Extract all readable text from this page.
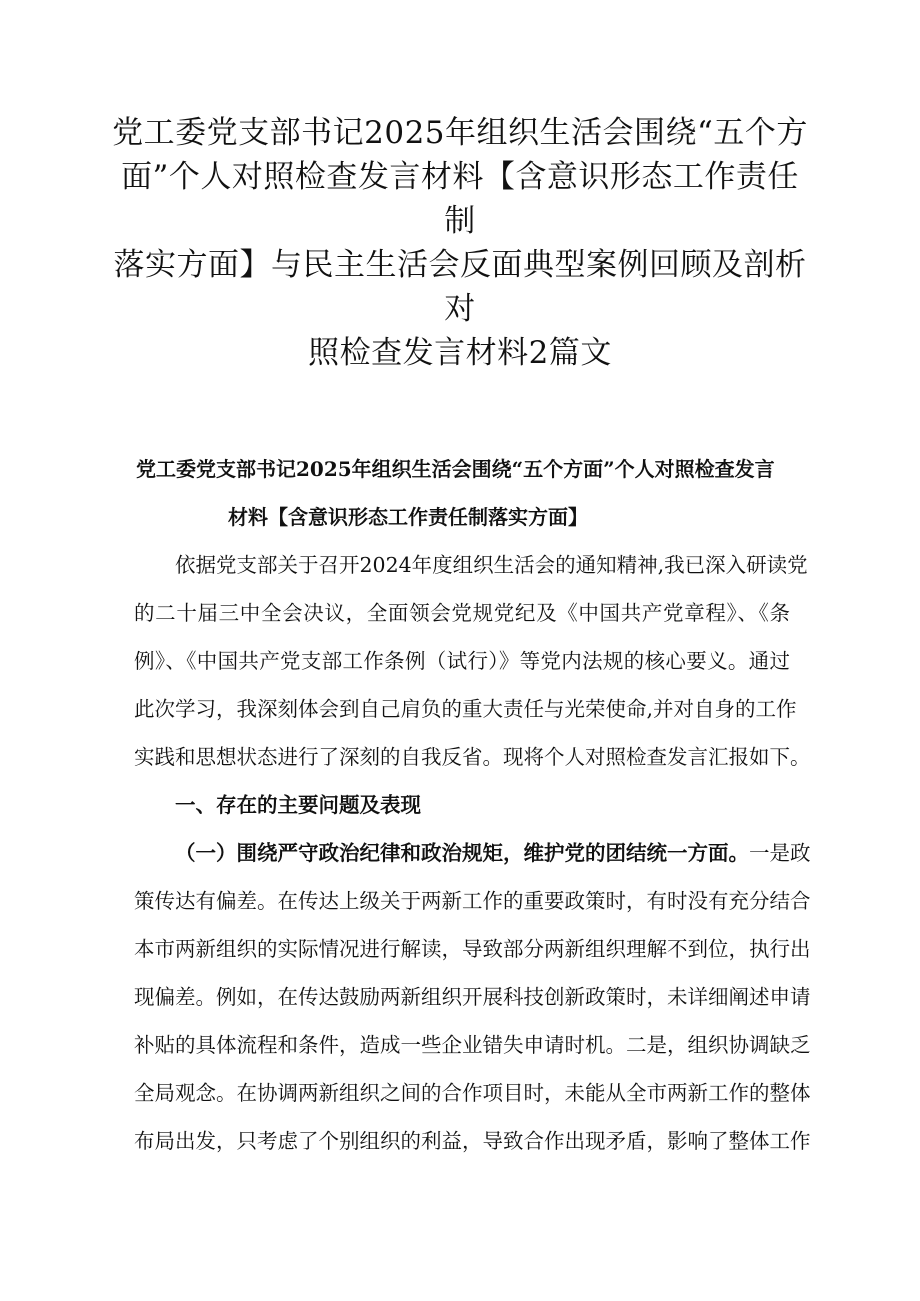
党工委党支部书记2025年组织生活会围绕“五个方
面”个人对照检查发言材料【含意识形态工作责任制
落实方面】与民主生活会反面典型案例回顾及剖析对
照检查发言材料2篇文

党工委党支部书记2025年组织生活会围绕“五个方面”个人对照检查发言

材料【含意识形态工作责任制落实方面】

依据党支部关于召开2024年度组织生活会的通知精神,我已深入研读党

的二十届三中全会决议，全面领会党规党纪及《中国共产党章程》、《条

例》、《中国共产党支部工作条例（试行）》等党内法规的核心要义。通过

此次学习，我深刻体会到自己肩负的重大责任与光荣使命,并对自身的工作

实践和思想状态进行了深刻的自我反省。现将个人对照检查发言汇报如下。

一、存在的主要问题及表现

（一）围绕严守政治纪律和政治规矩，维护党的团结统一方面。一是政

策传达有偏差。在传达上级关于两新工作的重要政策时，有时没有充分结合

本市两新组织的实际情况进行解读，导致部分两新组织理解不到位，执行出

现偏差。例如，在传达鼓励两新组织开展科技创新政策时，未详细阐述申请

补贴的具体流程和条件，造成一些企业错失申请时机。二是，组织协调缺乏

全局观念。在协调两新组织之间的合作项目时，未能从全市两新工作的整体

布局出发，只考虑了个别组织的利益，导致合作出现矛盾，影响了整体工作
